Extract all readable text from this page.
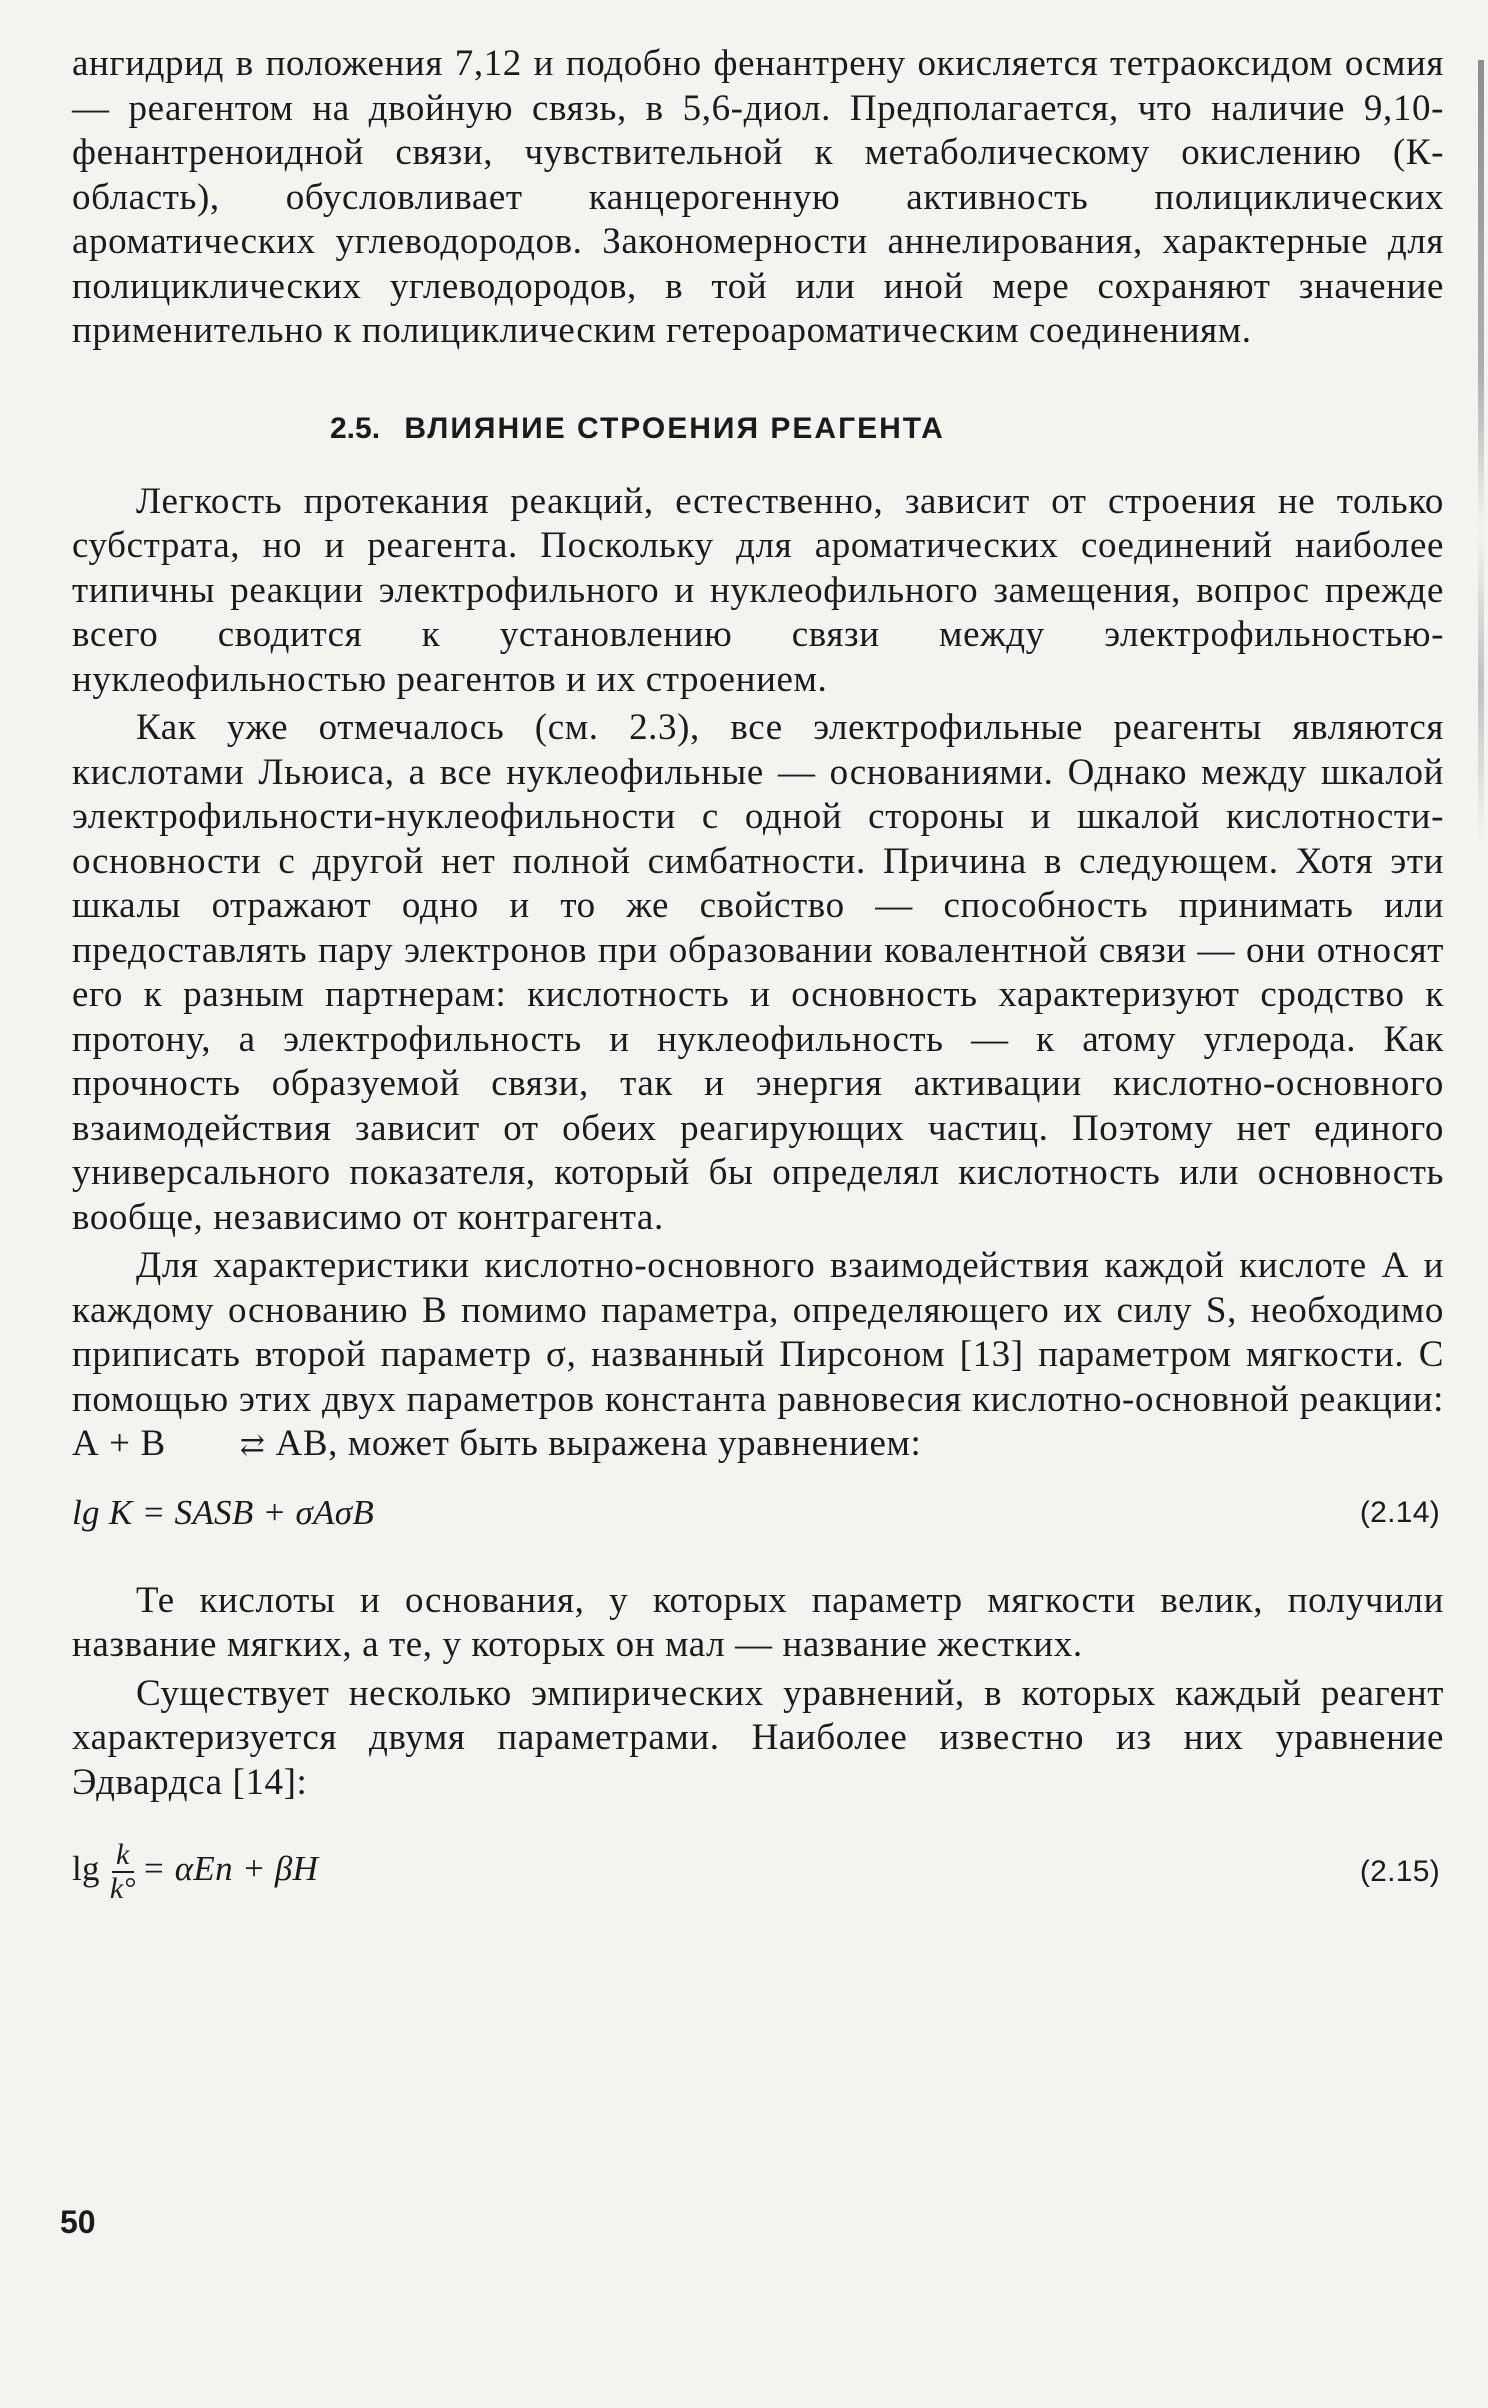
ангидрид в положения 7,12 и подобно фенантрену окисляется тетраоксидом осмия — реагентом на двойную связь, в 5,6-диол. Предполагается, что наличие 9,10-фенантреноидной связи, чувствительной к метаболическому окислению (К-область), обусловливает канцерогенную активность полициклических ароматических углеводородов. Закономерности аннелирования, характерные для полициклических углеводородов, в той или иной мере сохраняют значение применительно к полициклическим гетероароматическим соединениям.

2.5. ВЛИЯНИЕ СТРОЕНИЯ РЕАГЕНТА

Легкость протекания реакций, естественно, зависит от строения не только субстрата, но и реагента. Поскольку для ароматических соединений наиболее типичны реакции электрофильного и нуклеофильного замещения, вопрос прежде всего сводится к установлению связи между электрофильностью-нуклеофильностью реагентов и их строением.

Как уже отмечалось (см. 2.3), все электрофильные реагенты являются кислотами Льюиса, а все нуклеофильные — основаниями. Однако между шкалой электрофильности-нуклеофильности с одной стороны и шкалой кислотности-основности с другой нет полной симбатности. Причина в следующем. Хотя эти шкалы отражают одно и то же свойство — способность принимать или предоставлять пару электронов при образовании ковалентной связи — они относят его к разным партнерам: кислотность и основность характеризуют сродство к протону, а электрофильность и нуклеофильность — к атому углерода. Как прочность образуемой связи, так и энергия активации кислотно-основного взаимодействия зависит от обеих реагирующих частиц. Поэтому нет единого универсального показателя, который бы определял кислотность или основность вообще, независимо от контрагента.

Для характеристики кислотно-основного взаимодействия каждой кислоте А и каждому основанию В помимо параметра, определяющего их силу S, необходимо приписать второй параметр σ, названный Пирсоном [13] параметром мягкости. С помощью этих двух параметров константа равновесия кислотно-основной реакции: А + В ⇄ АВ, может быть выражена уравнением:

lg K = SASB + σAσB	(2.14)

Те кислоты и основания, у которых параметр мягкости велик, получили название мягких, а те, у которых он мал — название жестких.

Существует несколько эмпирических уравнений, в которых каждый реагент характеризуется двумя параметрами. Наиболее известно из них уравнение Эдвардса [14]:

$\lg \frac{k}{k^\circ} = \alpha En + \beta H$	(2.15)
50
